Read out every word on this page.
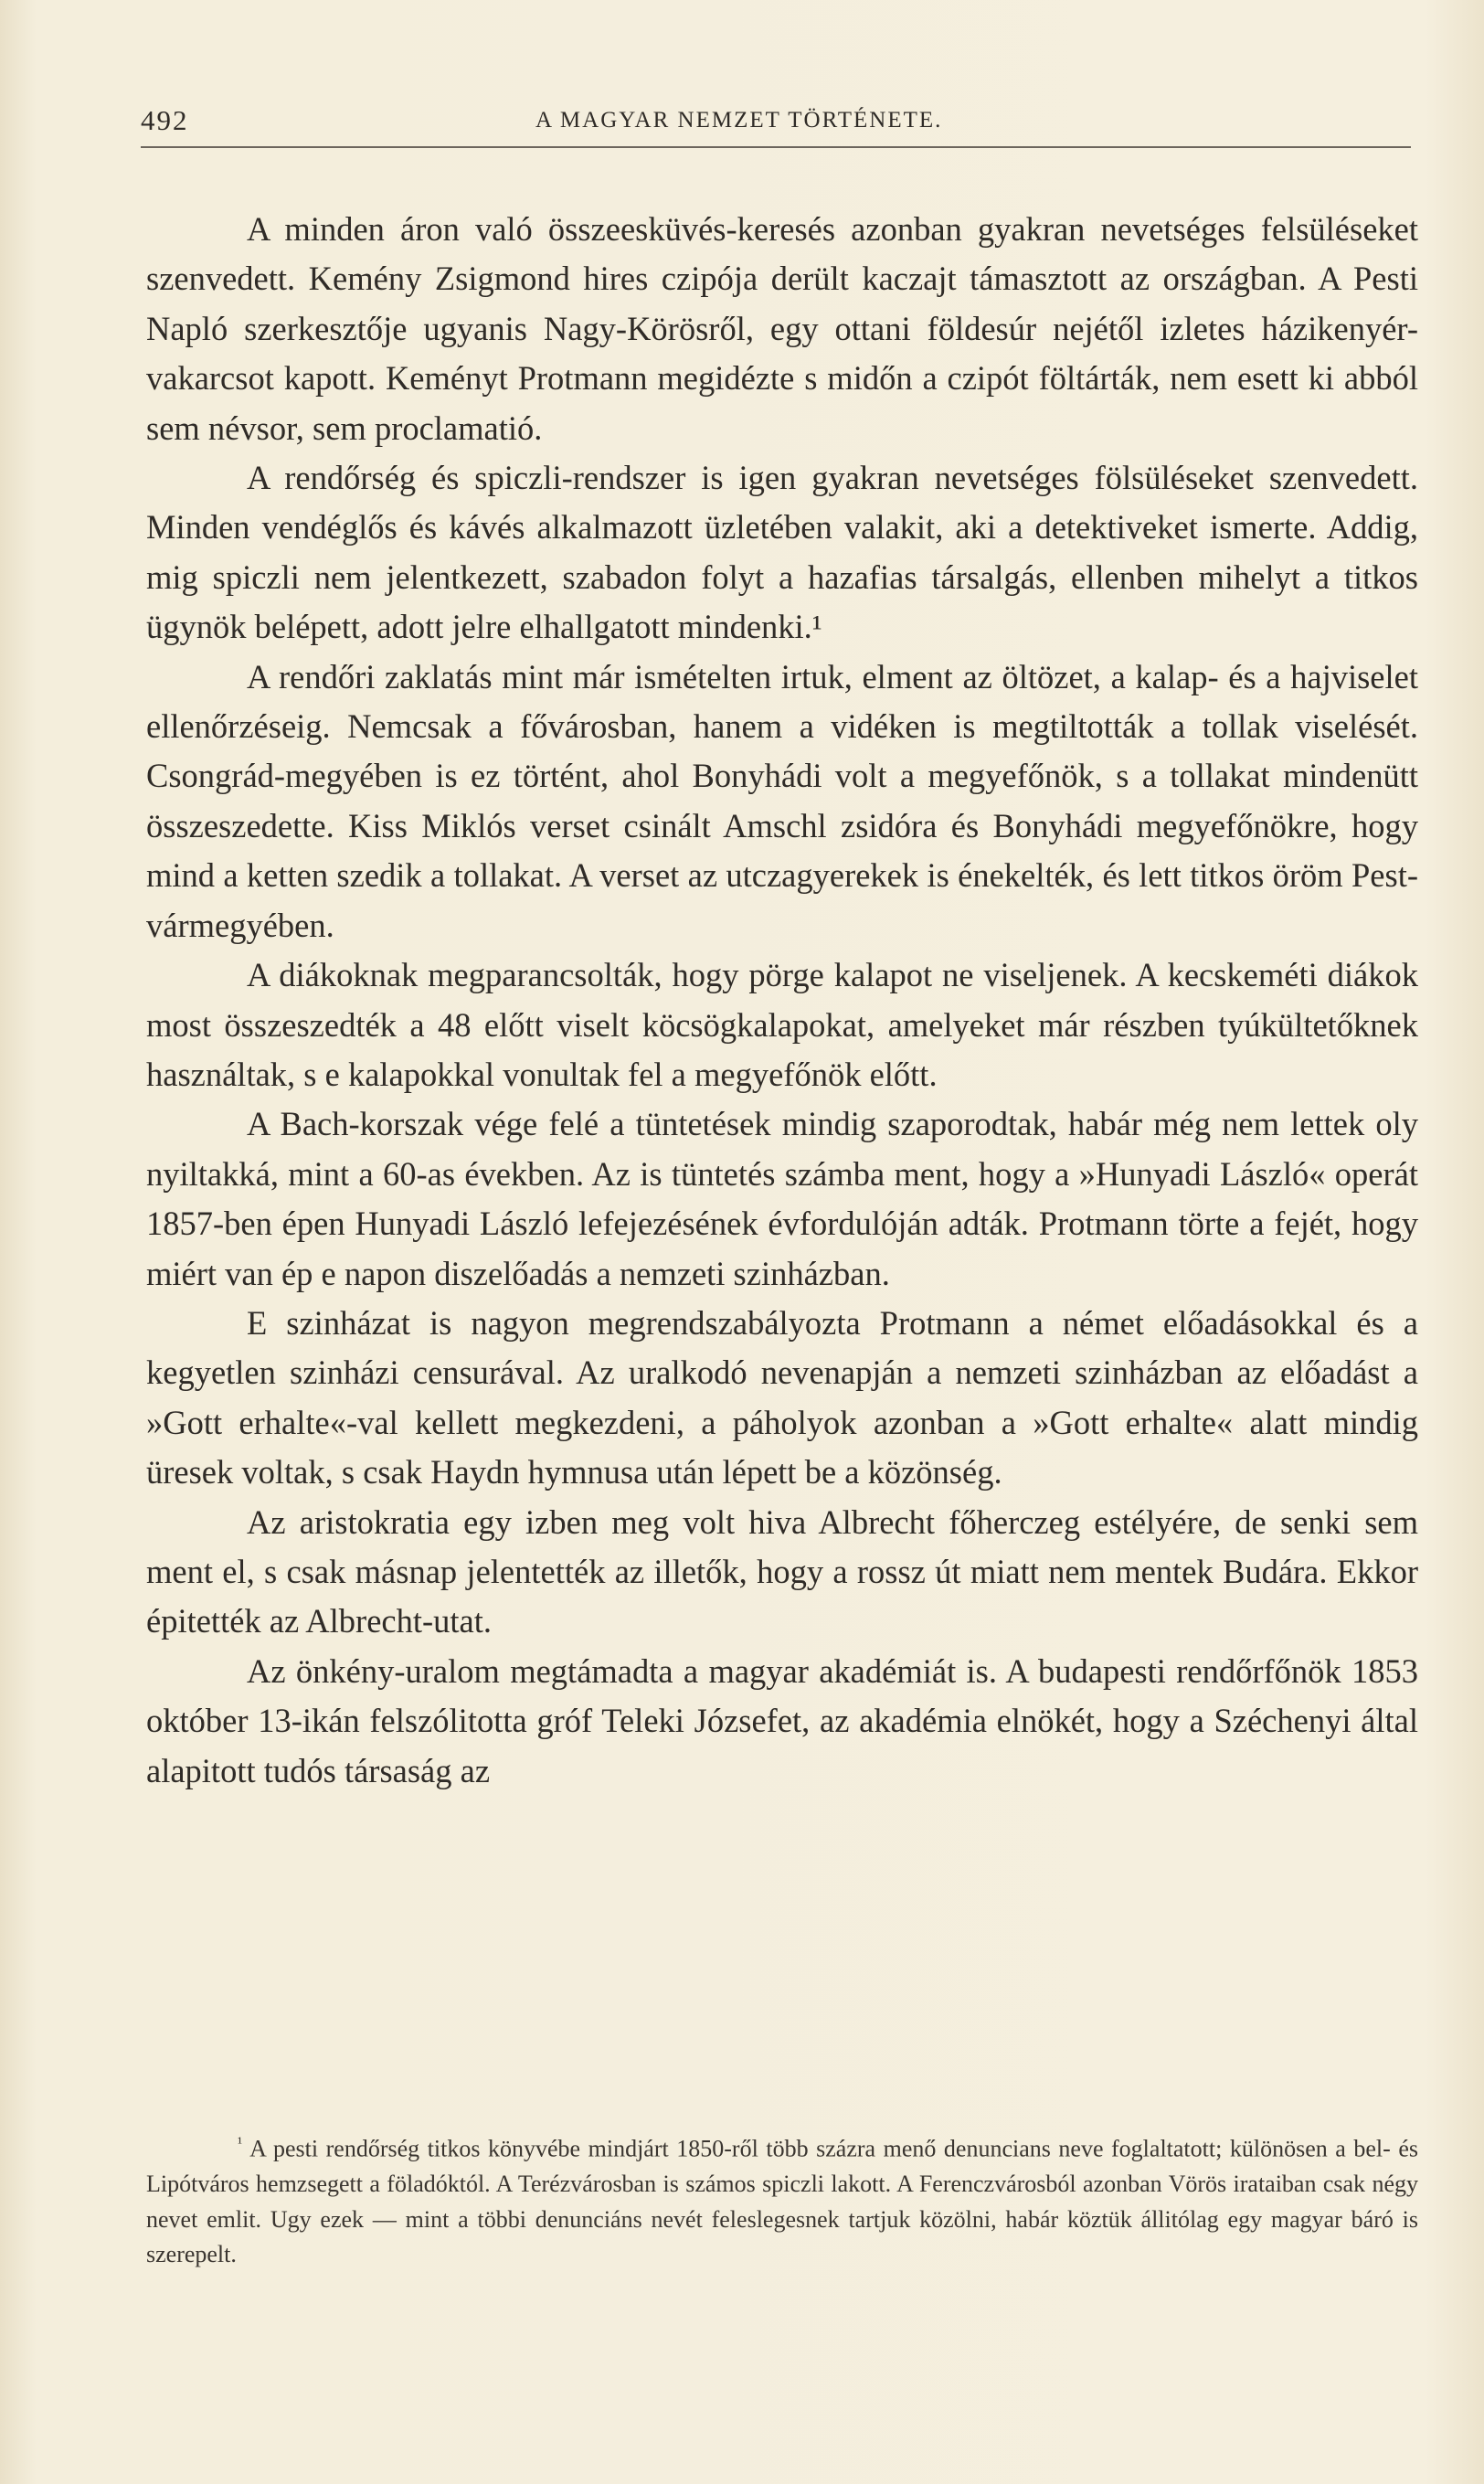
492	A MAGYAR NEMZET TÖRTÉNETE.

A minden áron való összeesküvés-keresés azonban gyakran nevetséges felsüléseket szenvedett. Kemény Zsigmond hires czipója derült kaczajt támasztott az országban. A Pesti Napló szerkesztője ugyanis Nagy-Körösről, egy ottani földesúr nejétől izletes házikenyér-vakarcsot kapott. Keményt Protmann megidézte s midőn a czipót föltárták, nem esett ki abból sem névsor, sem proclamatió.

A rendőrség és spiczli-rendszer is igen gyakran nevetséges fölsüléseket szenvedett. Minden vendéglős és kávés alkalmazott üzletében valakit, aki a detektiveket ismerte. Addig, mig spiczli nem jelentkezett, szabadon folyt a hazafias társalgás, ellenben mihelyt a titkos ügynök belépett, adott jelre elhallgatott mindenki.¹

A rendőri zaklatás mint már ismételten irtuk, elment az öltözet, a kalap- és a hajviselet ellenőrzéseig. Nemcsak a fővárosban, hanem a vidéken is megtiltották a tollak viselését. Csongrád-megyében is ez történt, ahol Bonyhádi volt a megyefőnök, s a tollakat mindenütt összeszedette. Kiss Miklós verset csinált Amschl zsidóra és Bonyhádi megyefőnökre, hogy mind a ketten szedik a tollakat. A verset az utczagyerekek is énekelték, és lett titkos öröm Pest-vármegyében.

A diákoknak megparancsolták, hogy pörge kalapot ne viseljenek. A kecskeméti diákok most összeszedték a 48 előtt viselt köcsögkalapokat, amelyeket már részben tyúkültetőknek használtak, s e kalapokkal vonultak fel a megyefőnök előtt.

A Bach-korszak vége felé a tüntetések mindig szaporodtak, habár még nem lettek oly nyiltakká, mint a 60-as években. Az is tüntetés számba ment, hogy a »Hunyadi László« operát 1857-ben épen Hunyadi László lefejezésének évfordulóján adták. Protmann törte a fejét, hogy miért van ép e napon diszelőadás a nemzeti szinházban.

E szinházat is nagyon megrendszabályozta Protmann a német előadásokkal és a kegyetlen szinházi censurával. Az uralkodó nevenapján a nemzeti szinházban az előadást a »Gott erhalte«-val kellett megkezdeni, a páholyok azonban a »Gott erhalte« alatt mindig üresek voltak, s csak Haydn hymnusa után lépett be a közönség.

Az aristokratia egy izben meg volt hiva Albrecht főherczeg estélyére, de senki sem ment el, s csak másnap jelentették az illetők, hogy a rossz út miatt nem mentek Budára. Ekkor épitették az Albrecht-utat.

Az önkény-uralom megtámadta a magyar akadémiát is. A budapesti rendőrfőnök 1853 október 13-ikán felszólitotta gróf Teleki Józsefet, az akadémia elnökét, hogy a Széchenyi által alapitott tudós társaság az

$^{^1}$ A pesti rendőrség titkos könyvébe mindjárt 1850-ről több százra menő denuncians neve foglaltatott; különösen a bel- és Lipótváros hemzsegett a föladóktól. A Terézvárosban is számos spiczli lakott. A Ferenczvárosból azonban Vörös irataiban csak négy nevet emlit. Ugy ezek — mint a többi denunciáns nevét feleslegesnek tartjuk közölni, habár köztük állitólag egy magyar báró is szerepelt.
